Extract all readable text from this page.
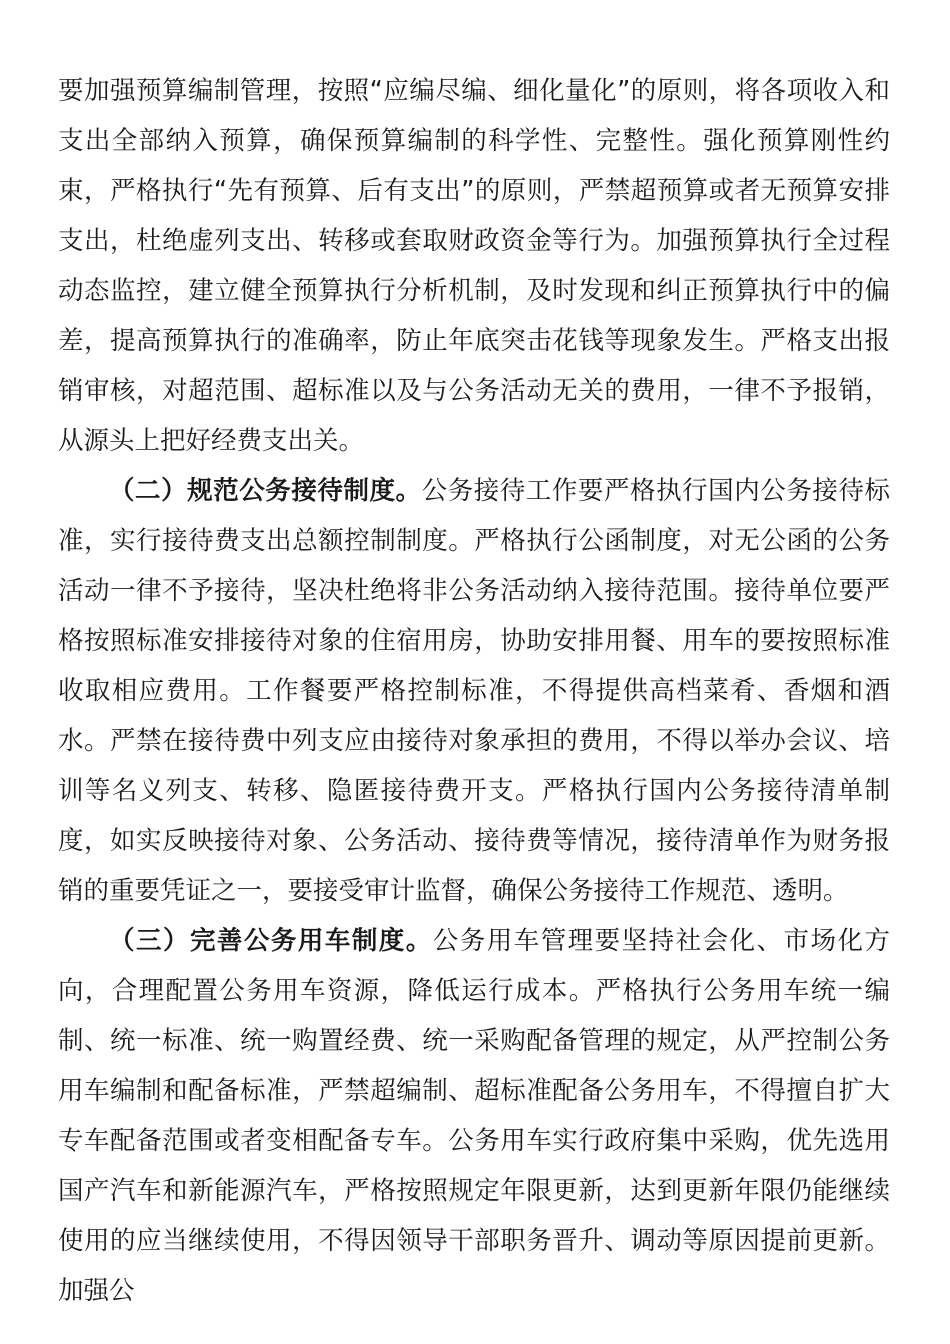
要加强预算编制管理，按照“应编尽编、细化量化”的原则，将各项收入和支出全部纳入预算，确保预算编制的科学性、完整性。强化预算刚性约束，严格执行“先有预算、后有支出”的原则，严禁超预算或者无预算安排支出，杜绝虚列支出、转移或套取财政资金等行为。加强预算执行全过程动态监控，建立健全预算执行分析机制，及时发现和纠正预算执行中的偏差，提高预算执行的准确率，防止年底突击花钱等现象发生。严格支出报销审核，对超范围、超标准以及与公务活动无关的费用，一律不予报销，从源头上把好经费支出关。

（二）规范公务接待制度。公务接待工作要严格执行国内公务接待标准，实行接待费支出总额控制制度。严格执行公函制度，对无公函的公务活动一律不予接待，坚决杜绝将非公务活动纳入接待范围。接待单位要严格按照标准安排接待对象的住宿用房，协助安排用餐、用车的要按照标准收取相应费用。工作餐要严格控制标准，不得提供高档菜肴、香烟和酒水。严禁在接待费中列支应由接待对象承担的费用，不得以举办会议、培训等名义列支、转移、隐匿接待费开支。严格执行国内公务接待清单制度，如实反映接待对象、公务活动、接待费等情况，接待清单作为财务报销的重要凭证之一，要接受审计监督，确保公务接待工作规范、透明。

（三）完善公务用车制度。公务用车管理要坚持社会化、市场化方向，合理配置公务用车资源，降低运行成本。严格执行公务用车统一编制、统一标准、统一购置经费、统一采购配备管理的规定，从严控制公务用车编制和配备标准，严禁超编制、超标准配备公务用车，不得擅自扩大专车配备范围或者变相配备专车。公务用车实行政府集中采购，优先选用国产汽车和新能源汽车，严格按照规定年限更新，达到更新年限仍能继续使用的应当继续使用，不得因领导干部职务晋升、调动等原因提前更新。加强公
